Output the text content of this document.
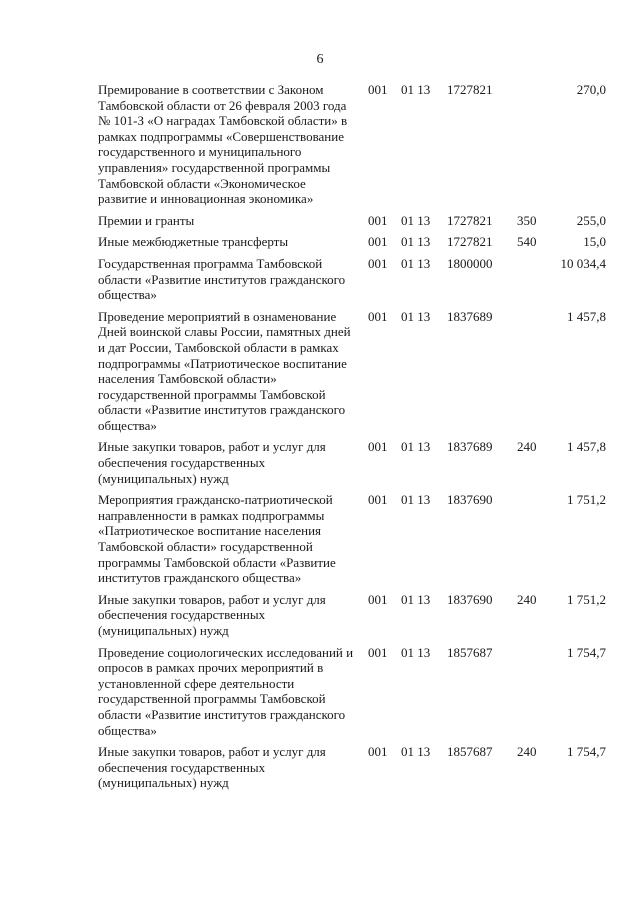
6
Премирование в соответствии с Законом Тамбовской области от 26 февраля 2003 года № 101-З «О наградах Тамбовской области» в рамках подпрограммы «Совершенствование государственного и муниципального управления» государственной программы Тамбовской области «Экономическое развитие и инновационная экономика»	001	01 13	1727821		270,0
Премии и гранты	001	01 13	1727821	350	255,0
Иные межбюджетные трансферты	001	01 13	1727821	540	15,0
Государственная программа Тамбовской области «Развитие институтов гражданского общества»	001	01 13	1800000		10 034,4
Проведение мероприятий в ознаменование Дней воинской славы России, памятных дней и дат России, Тамбовской области в рамках подпрограммы «Патриотическое воспитание населения Тамбовской области» государственной программы Тамбовской области «Развитие институтов гражданского общества»	001	01 13	1837689		1 457,8
Иные закупки товаров, работ и услуг для обеспечения государственных (муниципальных) нужд	001	01 13	1837689	240	1 457,8
Мероприятия гражданско-патриотической направленности в рамках подпрограммы «Патриотическое воспитание населения Тамбовской области» государственной программы Тамбовской области «Развитие институтов гражданского общества»	001	01 13	1837690		1 751,2
Иные закупки товаров, работ и услуг для обеспечения государственных (муниципальных) нужд	001	01 13	1837690	240	1 751,2
Проведение социологических исследований и опросов в рамках прочих мероприятий в установленной сфере деятельности государственной программы Тамбовской области «Развитие институтов гражданского общества»	001	01 13	1857687		1 754,7
Иные закупки товаров, работ и услуг для обеспечения государственных (муниципальных) нужд	001	01 13	1857687	240	1 754,7
